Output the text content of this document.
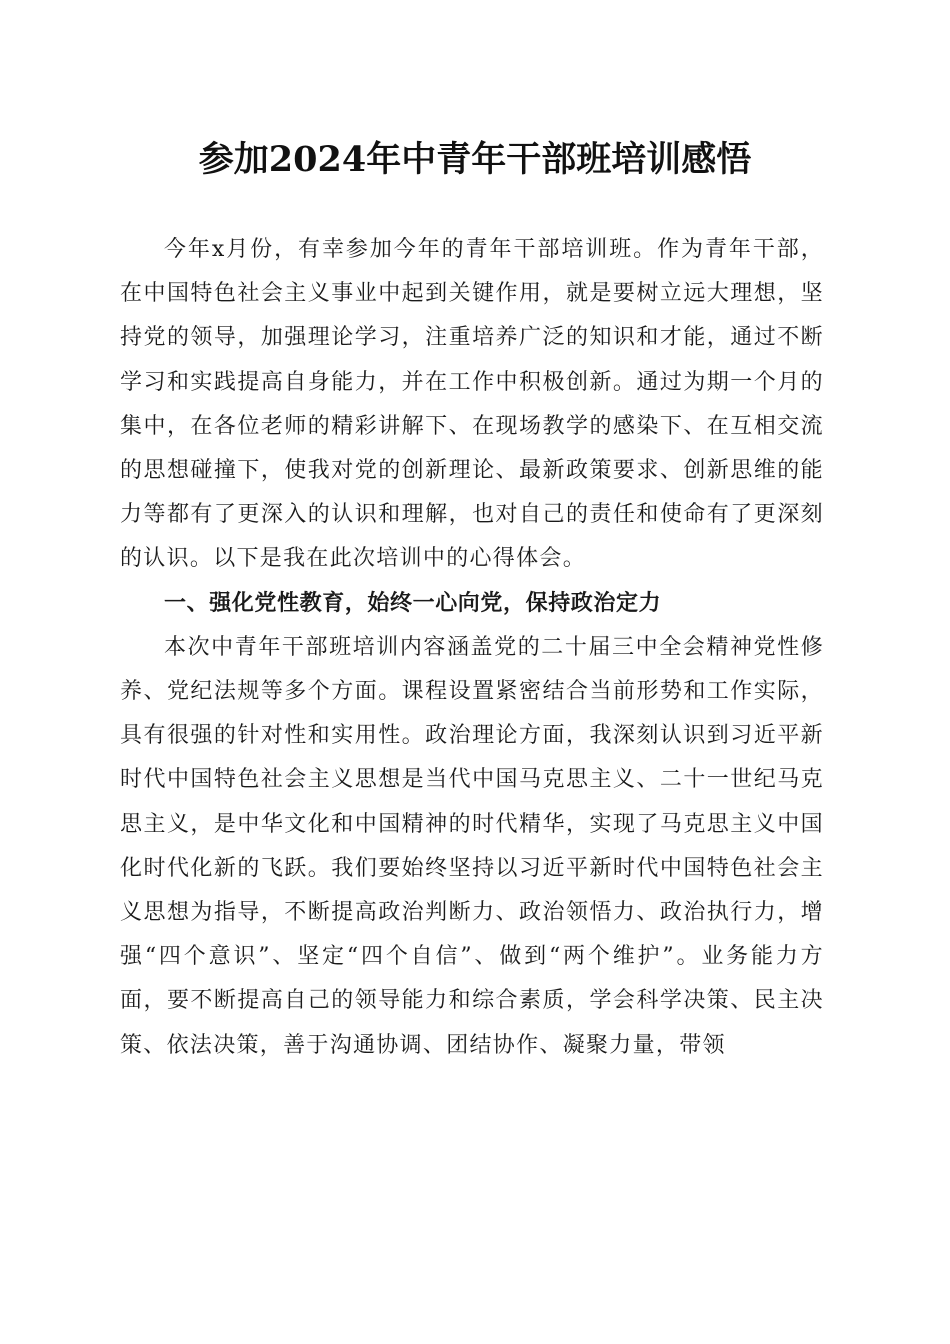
参加2024年中青年干部班培训感悟

今年x月份，有幸参加今年的青年干部培训班。作为青年干部，在中国特色社会主义事业中起到关键作用，就是要树立远大理想，坚持党的领导，加强理论学习，注重培养广泛的知识和才能，通过不断学习和实践提高自身能力，并在工作中积极创新。通过为期一个月的集中，在各位老师的精彩讲解下、在现场教学的感染下、在互相交流的思想碰撞下，使我对党的创新理论、最新政策要求、创新思维的能力等都有了更深入的认识和理解，也对自己的责任和使命有了更深刻的认识。以下是我在此次培训中的心得体会。

一、强化党性教育，始终一心向党，保持政治定力

本次中青年干部班培训内容涵盖党的二十届三中全会精神党性修养、党纪法规等多个方面。课程设置紧密结合当前形势和工作实际，具有很强的针对性和实用性。政治理论方面，我深刻认识到习近平新时代中国特色社会主义思想是当代中国马克思主义、二十一世纪马克思主义，是中华文化和中国精神的时代精华，实现了马克思主义中国化时代化新的飞跃。我们要始终坚持以习近平新时代中国特色社会主义思想为指导，不断提高政治判断力、政治领悟力、政治执行力，增强“四个意识”、坚定“四个自信”、做到“两个维护”。业务能力方面，要不断提高自己的领导能力和综合素质，学会科学决策、民主决策、依法决策，善于沟通协调、团结协作、凝聚力量，带领
